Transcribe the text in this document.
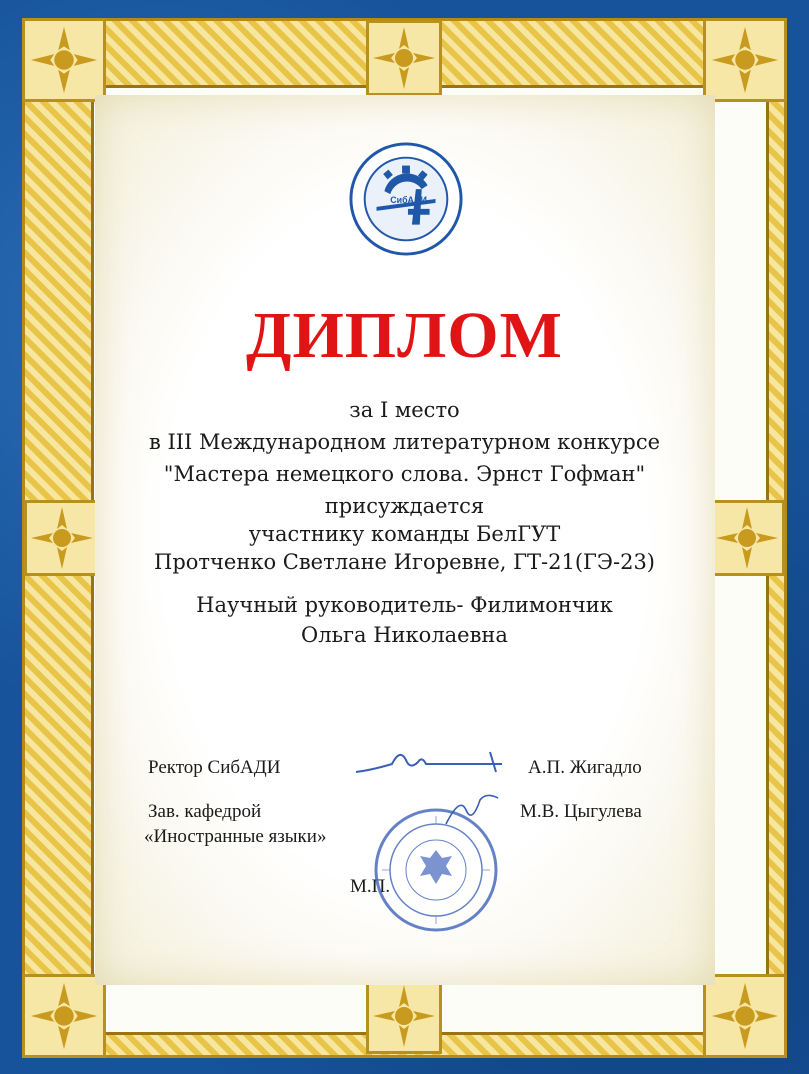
СибАДИ
ДИПЛОМ
за I место
в III Международном литературном конкурсе
"Мастера немецкого слова. Эрнст Гофман"
присуждается
участнику команды БелГУТ
Протченко Светлане Игоревне, ГТ-21(ГЭ-23)
Научный руководитель- Филимончик
Ольга Николаевна
Ректор СибАДИ	А.П. Жигадло
Зав. кафедрой
«Иностранные языки»
М.В. Цыгулева
М.П.
